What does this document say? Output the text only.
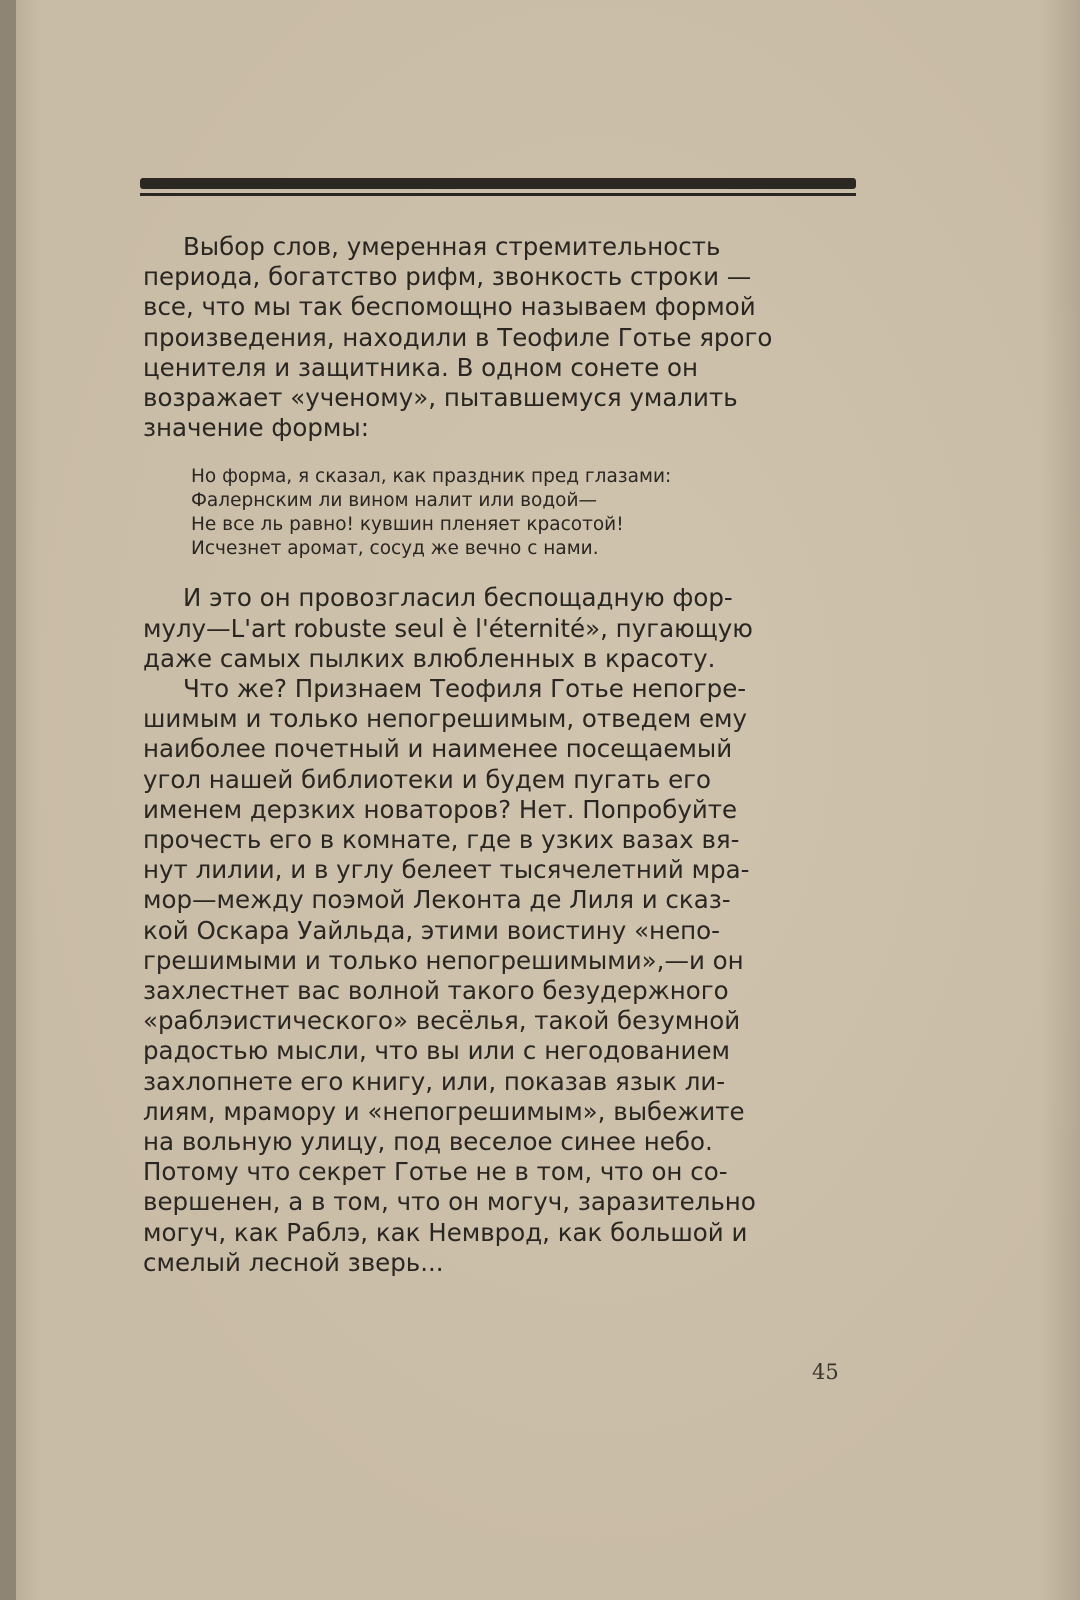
Выбор слов, умеренная стремительность
периода, богатство рифм, звонкость строки —
все, что мы так беспомощно называем формой
произведения, находили в Теофиле Готье ярого
ценителя и защитника. В одном сонете он
возражает «ученому», пытавшемуся умалить
значение формы:

Но форма, я сказал, как праздник пред глазами:
Фалернским ли вином налит или водой—
Не все ль равно! кувшин пленяет красотой!
Исчезнет аромат, сосуд же вечно с нами.

И это он провозгласил беспощадную фор-
мулу—L'art robuste seul è l'éternité», пугающую
даже самых пылких влюбленных в красоту.

Что же? Признаем Теофиля Готье непогре-
шимым и только непогрешимым, отведем ему
наиболее почетный и наименее посещаемый
угол нашей библиотеки и будем пугать его
именем дерзких новаторов? Нет. Попробуйте
прочесть его в комнате, где в узких вазах вя-
нут лилии, и в углу белеет тысячелетний мра-
мор—между поэмой Леконта де Лиля и сказ-
кой Оскара Уайльда, этими воистину «непо-
грешимыми и только непогрешимыми»,—и он
захлестнет вас волной такого безудержного
«раблэистического» весёлья, такой безумной
радостью мысли, что вы или с негодованием
захлопнете его книгу, или, показав язык ли-
лиям, мрамору и «непогрешимым», выбежите
на вольную улицу, под веселое синее небо.
Потому что секрет Готье не в том, что он со-
вершенен, а в том, что он могуч, заразительно
могуч, как Раблэ, как Немврод, как большой и
смелый лесной зверь...

45
